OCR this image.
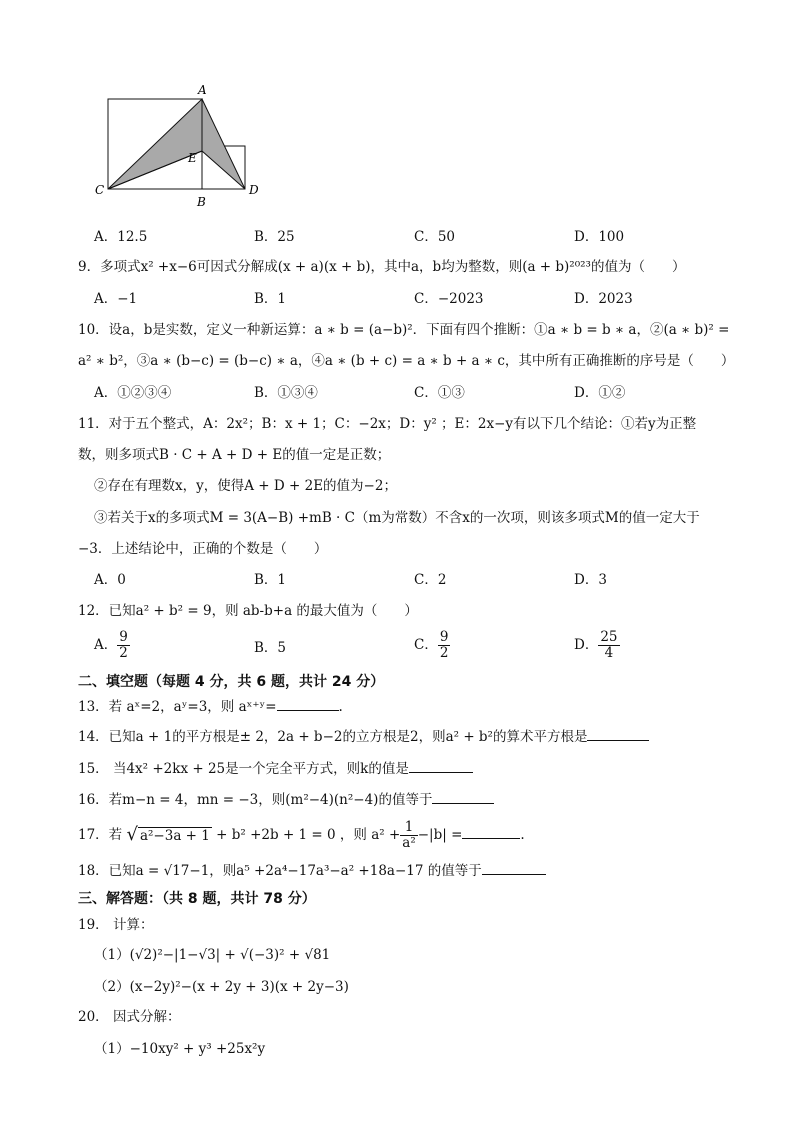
A
E
C
B
D
A．12.5	B．25	C．50	D．100
9．多项式x² +x−6可因式分解成(x + a)(x + b)，其中a，b均为整数，则(a + b)²⁰²³的值为（　　）
A．−1	B．1	C．−2023	D．2023
10．设a，b是实数，定义一种新运算：a ∗ b = (a−b)²．下面有四个推断：①a ∗ b = b ∗ a，②(a ∗ b)² =
a² ∗ b²，③a ∗ (b−c) = (b−c) ∗ a，④a ∗ (b + c) = a ∗ b + a ∗ c，其中所有正确推断的序号是（　　）
A．①②③④	B．①③④	C．①③	D．①②
11．对于五个整式，A：2x²；B：x + 1；C：−2x；D：y² ；E：2x−y有以下几个结论：①若y为正整
数，则多项式B · C + A + D + E的值一定是正数；
②存在有理数x，y，使得A + D + 2E的值为−2；
③若关于x的多项式M = 3(A−B) +mB · C（m为常数）不含x的一次项，则该多项式M的值一定大于
−3．上述结论中，正确的个数是（　　）
A．0	B．1	C．2	D．3
12．已知a² + b² = 9，则 ab-b+a 的最大值为（　　）
A． $\frac{9}{2}$	B．5	C． $\frac{9}{2}$	D． $\frac{25}{4}$
二、填空题（每题 4 分，共 6 题，共计 24 分）
13．若 aˣ=2，aʸ=3，则 aˣ⁺ʸ=	.
14．已知a + 1的平方根是± 2，2a + b−2的立方根是2，则a² + b²的算术平方根是
15． 当4x² +2kx + 25是一个完全平方式，则k的值是
16．若m−n = 4，mn = −3，则(m²−4)(n²−4)的值等于
17．若 √ a²−3a + 1 + b² +2b + 1 = 0 ，则 $a^2 + \frac{1}{\text{a²}} -|b|$ =	.
18．已知a = √17−1，则a⁵ +2a⁴−17a³−a² +18a−17 的值等于
三、解答题：（共 8 题，共计 78 分）
19． 计算：
（1）(√2)²−|1−√3| + √(−3)² + √81
（2）(x−2y)²−(x + 2y + 3)(x + 2y−3)
20． 因式分解：
（1）−10xy² + y³ +25x²y
